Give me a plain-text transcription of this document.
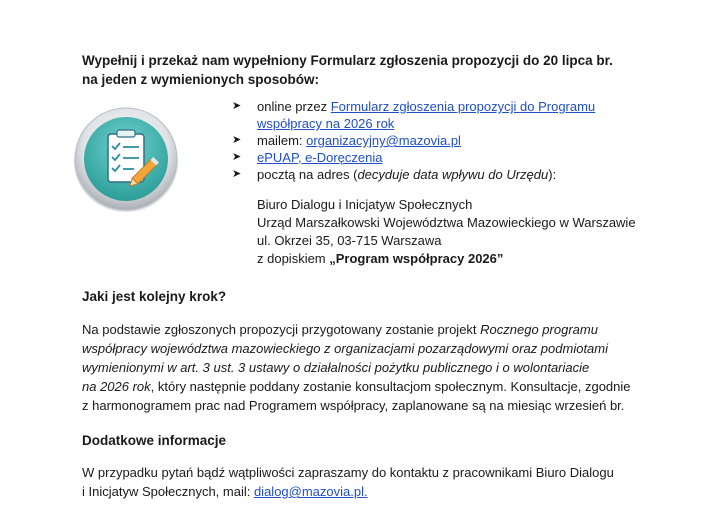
Wypełnij i przekaż nam wypełniony Formularz zgłoszenia propozycji do 20 lipca br.
na jeden z wymienionych sposobów:
➤ online przez Formularz zgłoszenia propozycji do Programu
współpracy na 2026 rok
➤ mailem: organizacyjny@mazovia.pl
➤ ePUAP, e-Doręczenia
➤ pocztą na adres (decyduje data wpływu do Urzędu):
Biuro Dialogu i Inicjatyw Społecznych
Urząd Marszałkowski Województwa Mazowieckiego w Warszawie
ul. Okrzei 35, 03-715 Warszawa
z dopiskiem „Program współpracy 2026”
Jaki jest kolejny krok?
Na podstawie zgłoszonych propozycji przygotowany zostanie projekt Rocznego programu
współpracy województwa mazowieckiego z organizacjami pozarządowymi oraz podmiotami
wymienionymi w art. 3 ust. 3 ustawy o działalności pożytku publicznego i o wolontariacie
na 2026 rok, który następnie poddany zostanie konsultacjom społecznym. Konsultacje, zgodnie
z harmonogramem prac nad Programem współpracy, zaplanowane są na miesiąc wrzesień br.
Dodatkowe informacje
W przypadku pytań bądź wątpliwości zapraszamy do kontaktu z pracownikami Biuro Dialogu
i Inicjatyw Społecznych, mail: dialog@mazovia.pl.
